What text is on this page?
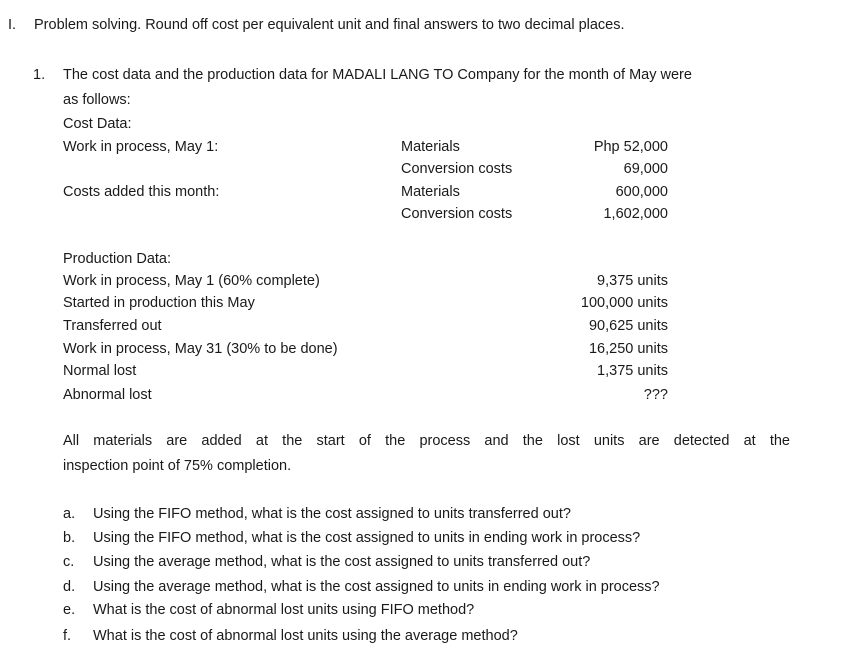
I. Problem solving. Round off cost per equivalent unit and final answers to two decimal places.
1. The cost data and the production data for MADALI LANG TO Company for the month of May were
as follows:
Cost Data:
Work in process, May 1:	Materials	Php 52,000
Conversion costs	69,000
Costs added this month:	Materials	600,000
Conversion costs	1,602,000
Production Data:
Work in process, May 1 (60% complete)	9,375 units
Started in production this May	100,000 units
Transferred out	90,625 units
Work in process, May 31 (30% to be done)	16,250 units
Normal lost	1,375 units
Abnormal lost	???
All materials are added at the start of the process and the lost units are detected at the
inspection point of 75% completion.
a. Using the FIFO method, what is the cost assigned to units transferred out?
b. Using the FIFO method, what is the cost assigned to units in ending work in process?
c. Using the average method, what is the cost assigned to units transferred out?
d. Using the average method, what is the cost assigned to units in ending work in process?
e. What is the cost of abnormal lost units using FIFO method?
f. What is the cost of abnormal lost units using the average method?
